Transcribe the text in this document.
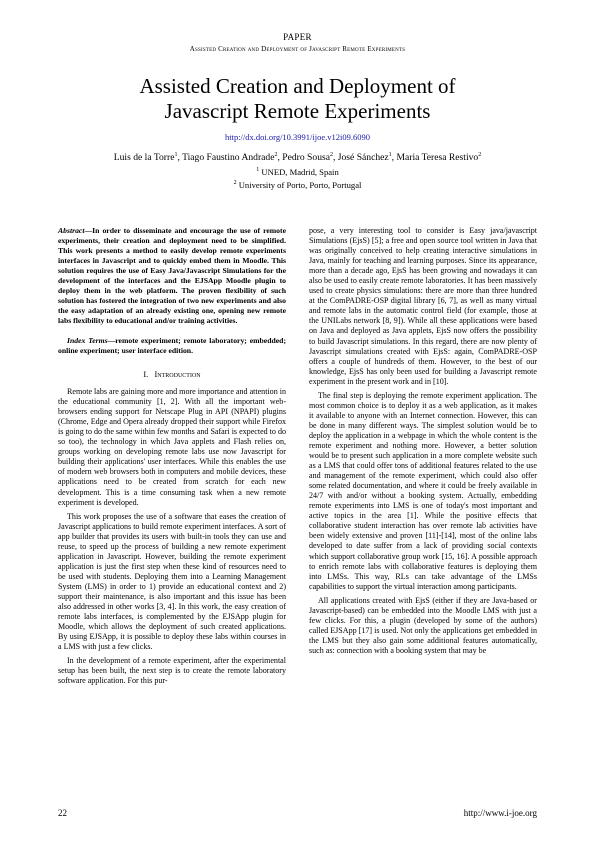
PAPER
Assisted Creation and Deployment of Javascript Remote Experiments
Assisted Creation and Deployment of
Javascript Remote Experiments
http://dx.doi.org/10.3991/ijoe.v12i09.6090
Luis de la Torre$^1$, Tiago Faustino Andrade$^2$, Pedro Sousa$^2$, José Sánchez$^1$, Maria Teresa Restivo$^2$
$^1$ UNED, Madrid, Spain
$^2$ University of Porto, Porto, Portugal

Abstract—In order to disseminate and encourage the use of remote experiments, their creation and deployment need to be simplified. This work presents a method to easily develop remote experiments interfaces in Javascript and to quickly embed them in Moodle. This solution requires the use of Easy Java/Javascript Simulations for the development of the interfaces and the EJSApp Moodle plugin to deploy them in the web platform. The proven flexibility of such solution has fostered the integration of two new experiments and also the easy adaptation of an already existing one, opening new remote labs flexibility to educational and/or training activities.

Index Terms—remote experiment; remote laboratory; embedded; online experiment; user interface edition.

I. Introduction

Remote labs are gaining more and more importance and attention in the educational community [1, 2]. With all the important web-browsers ending support for Netscape Plug in API (NPAPI) plugins (Chrome, Edge and Opera already dropped their support while Firefox is going to do the same within few months and Safari is expected to do so too), the technology in which Java applets and Flash relies on, groups working on developing remote labs use now Javascript for building their applications' user interfaces. While this enables the use of modern web browsers both in computers and mobile devices, these applications need to be created from scratch for each new development. This is a time consuming task when a new remote experiment is developed.

This work proposes the use of a software that eases the creation of Javascript applications to build remote experiment interfaces. A sort of app builder that provides its users with built-in tools they can use and reuse, to speed up the process of building a new remote experiment application in Javascript. However, building the remote experiment application is just the first step when these kind of resources need to be used with students. Deploying them into a Learning Management System (LMS) in order to 1) provide an educational context and 2) support their maintenance, is also important and this issue has been also addressed in other works [3, 4]. In this work, the easy creation of remote labs interfaces, is complemented by the EJSApp plugin for Moodle, which allows the deployment of such created applications. By using EJSApp, it is possible to deploy these labs within courses in a LMS with just a few clicks.

In the development of a remote experiment, after the experimental setup has been built, the next step is to create the remote laboratory software application. For this pur-

pose, a very interesting tool to consider is Easy java/javascript Simulations (EjsS) [5]; a free and open source tool written in Java that was originally conceived to help creating interactive simulations in Java, mainly for teaching and learning purposes. Since its appearance, more than a decade ago, EjsS has been growing and nowadays it can also be used to easily create remote laboratories. It has been massively used to create physics simulations: there are more than three hundred at the ComPADRE-OSP digital library [6, 7], as well as many virtual and remote labs in the automatic control field (for example, those at the UNILabs network [8, 9]). While all these applications were based on Java and deployed as Java applets, EjsS now offers the possibility to build Javascript simulations. In this regard, there are now plenty of Javascript simulations created with EjsS: again, ComPADRE-OSP offers a couple of hundreds of them. However, to the best of our knowledge, EjsS has only been used for building a Javascript remote experiment in the present work and in [10].

The final step is deploying the remote experiment application. The most common choice is to deploy it as a web application, as it makes it available to anyone with an Internet connection. However, this can be done in many different ways. The simplest solution would be to deploy the application in a webpage in which the whole content is the remote experiment and nothing more. However, a better solution would be to present such application in a more complete website such as a LMS that could offer tons of additional features related to the use and management of the remote experiment, which could also offer some related documentation, and where it could be freely available in 24/7 with and/or without a booking system. Actually, embedding remote experiments into LMS is one of today's most important and active topics in the area [1]. While the positive effects that collaborative student interaction has over remote lab activities have been widely extensive and proven [11]-[14], most of the online labs developed to date suffer from a lack of providing social contexts which support collaborative group work [15, 16]. A possible approach to enrich remote labs with collaborative features is deploying them into LMSs. This way, RLs can take advantage of the LMSs capabilities to support the virtual interaction among participants.

All applications created with EjsS (either if they are Java-based or Javascript-based) can be embedded into the Moodle LMS with just a few clicks. For this, a plugin (developed by some of the authors) called EJSApp [17] is used. Not only the applications get embedded in the LMS but they also gain some additional features automatically, such as: connection with a booking system that may be

22	http://www.i-joe.org
